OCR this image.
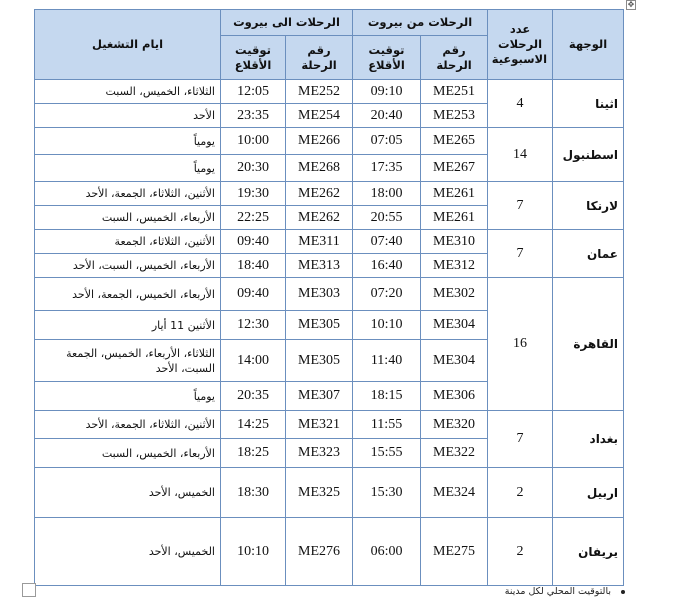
✥
الوجهة	عدد الرحلات الاسبوعية	الرحلات من بيروت		الرحلات الى بيروت		ايام التشغيل
		رقم الرحلة	توقيت الأقلاع	رقم الرحلة	توقيت الأقلاع	
اثينا	4	ME251	09:10	ME252	12:05	الثلاثاء، الخميس، السبت
		ME253	20:40	ME254	23:35	الأحد
اسطنبول	14	ME265	07:05	ME266	10:00	يومياً
		ME267	17:35	ME268	20:30	يومياً
لارنكا	7	ME261	18:00	ME262	19:30	الأثنين، الثلاثاء، الجمعة، الأحد
		ME261	20:55	ME262	22:25	الأربعاء، الخميس، السبت
عمان	7	ME310	07:40	ME311	09:40	الأثنين، الثلاثاء، الجمعة
		ME312	16:40	ME313	18:40	الأربعاء، الخميس، السبت، الأحد
القاهرة	16	ME302	07:20	ME303	09:40	الأربعاء، الخميس، الجمعة، الأحد
		ME304	10:10	ME305	12:30	الأثنين 11 أيار
		ME304	11:40	ME305	14:00	الثلاثاء، الأربعاء، الخميس، الجمعة السبت، الأحد
		ME306	18:15	ME307	20:35	يومياً
بغداد	7	ME320	11:55	ME321	14:25	الأثنين، الثلاثاء، الجمعة، الأحد
		ME322	15:55	ME323	18:25	الأربعاء، الخميس، السبت
اربيل	2	ME324	15:30	ME325	18:30	الخميس، الأحد
يريفان	2	ME275	06:00	ME276	10:10	الخميس، الأحد
بالتوقيت المحلي لكل مدينة
